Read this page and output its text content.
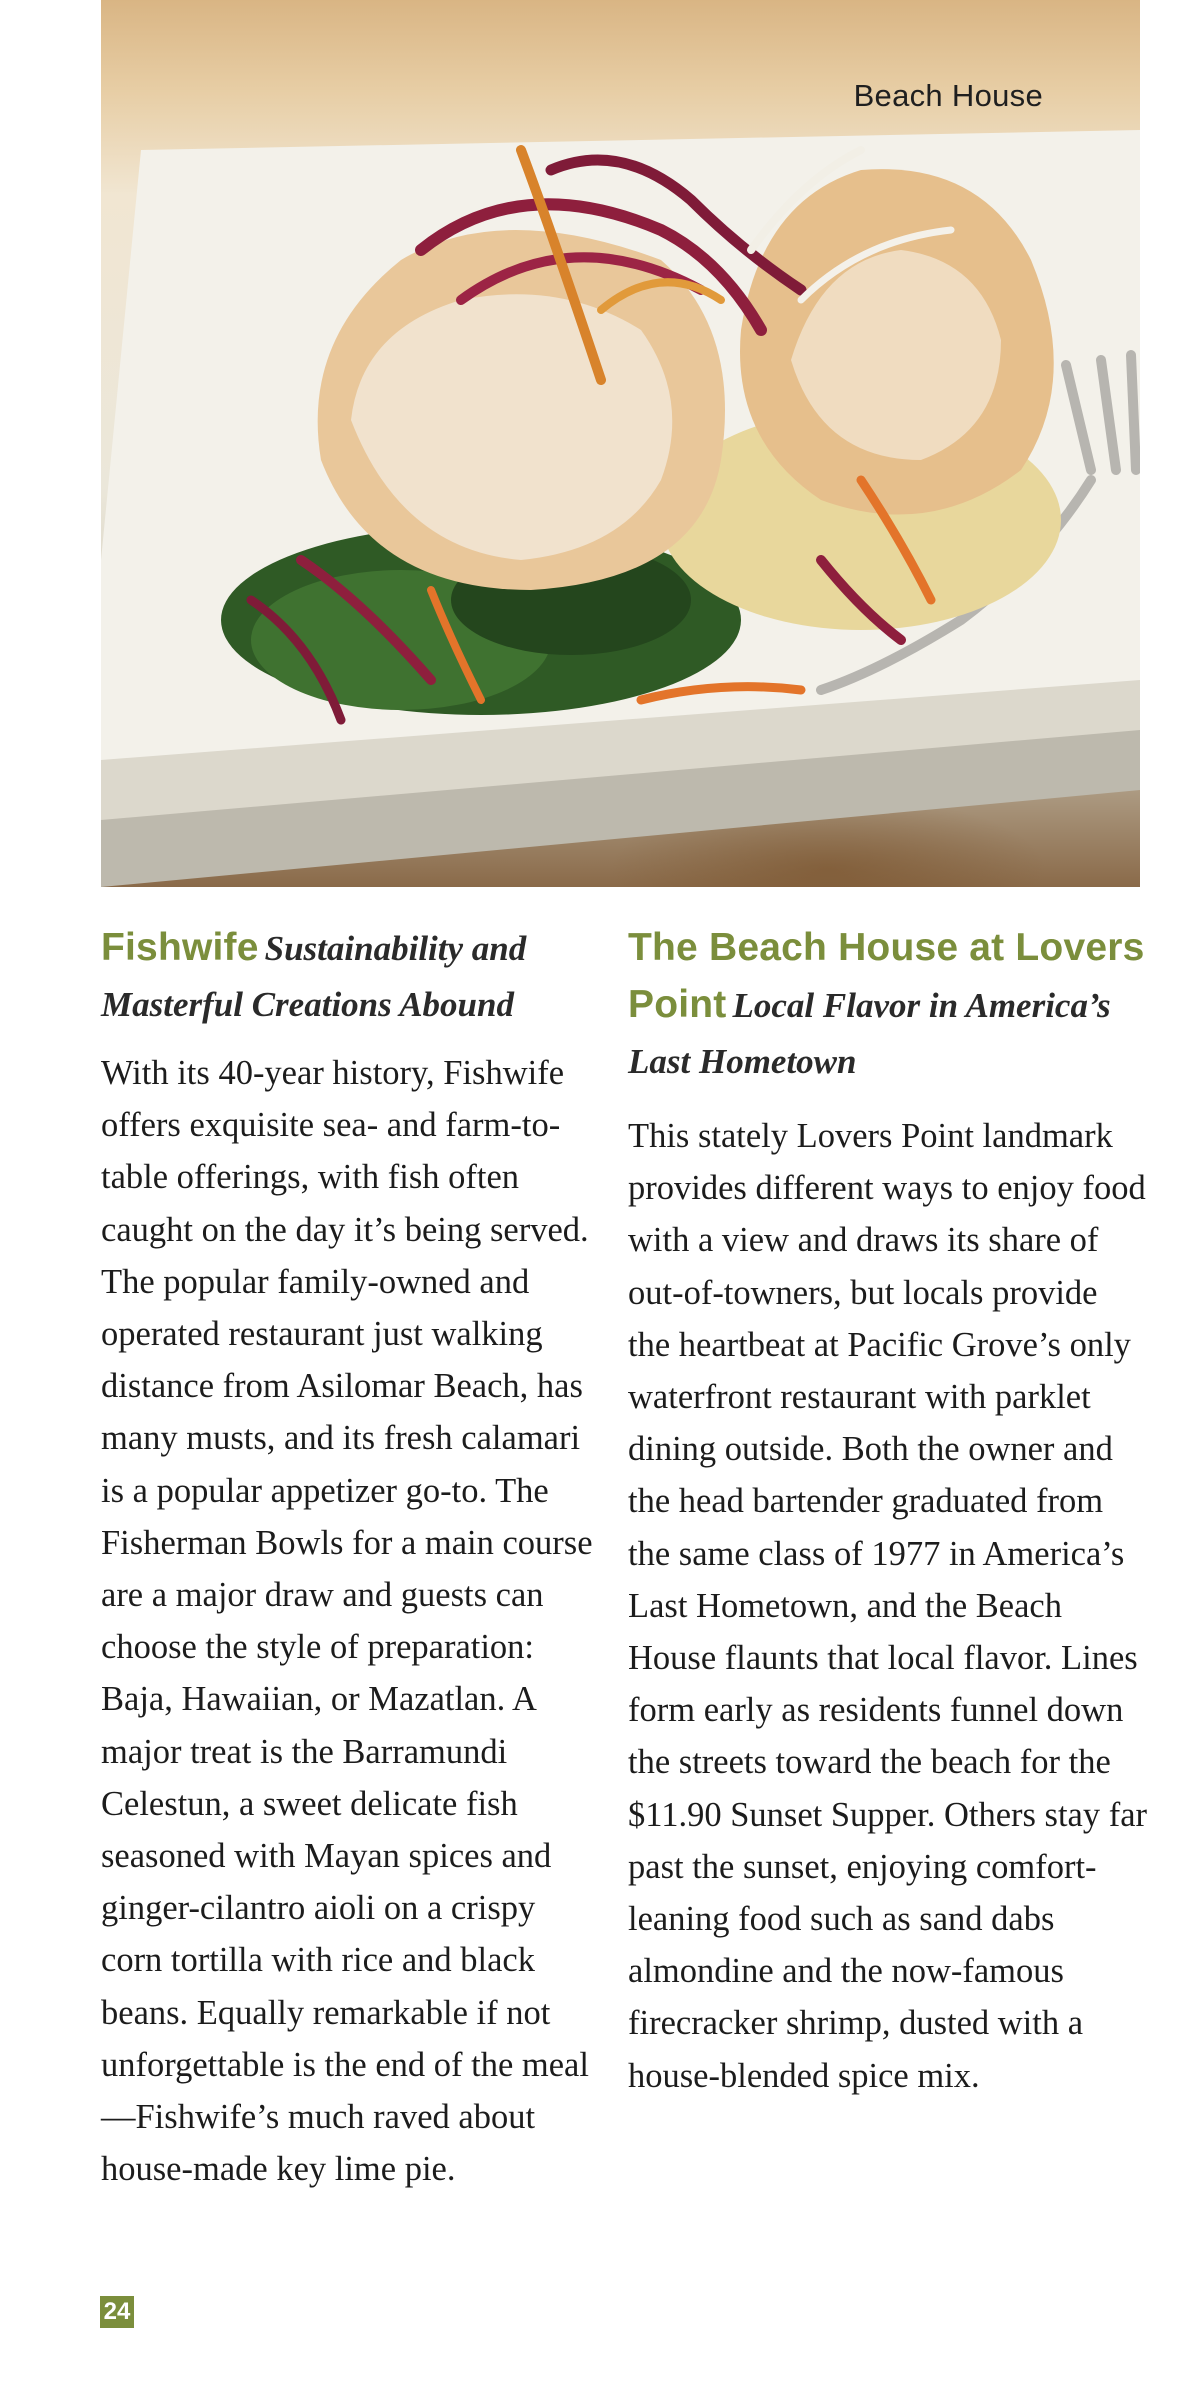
Beach House
Fishwife Sustainability and Masterful Creations Abound

With its 40-year history, Fishwife offers exquisite sea- and farm-to-table offerings, with fish often caught on the day it’s being served. The popular family-owned and operated restaurant just walking distance from Asilomar Beach, has many musts, and its fresh calamari is a popular appetizer go-to. The Fisherman Bowls for a main course are a major draw and guests can choose the style of preparation: Baja, Hawaiian, or Mazatlan. A major treat is the Barramundi Celestun, a sweet delicate fish seasoned with Mayan spices and ginger-cilantro aioli on a crispy corn tortilla with rice and black beans. Equally remarkable if not unforgettable is the end of the meal—Fishwife’s much raved about house-made key lime pie.

The Beach House at Lovers Point Local Flavor in America’s Last Hometown

This stately Lovers Point landmark provides different ways to enjoy food with a view and draws its share of out-of-towners, but locals provide the heartbeat at Pacific Grove’s only waterfront restaurant with parklet dining outside. Both the owner and the head bartender graduated from the same class of 1977 in America’s Last Hometown, and the Beach House flaunts that local flavor. Lines form early as residents funnel down the streets toward the beach for the $11.90 Sunset Supper. Others stay far past the sunset, enjoying comfort-leaning food such as sand dabs almondine and the now-famous firecracker shrimp, dusted with a house-blended spice mix.

24
